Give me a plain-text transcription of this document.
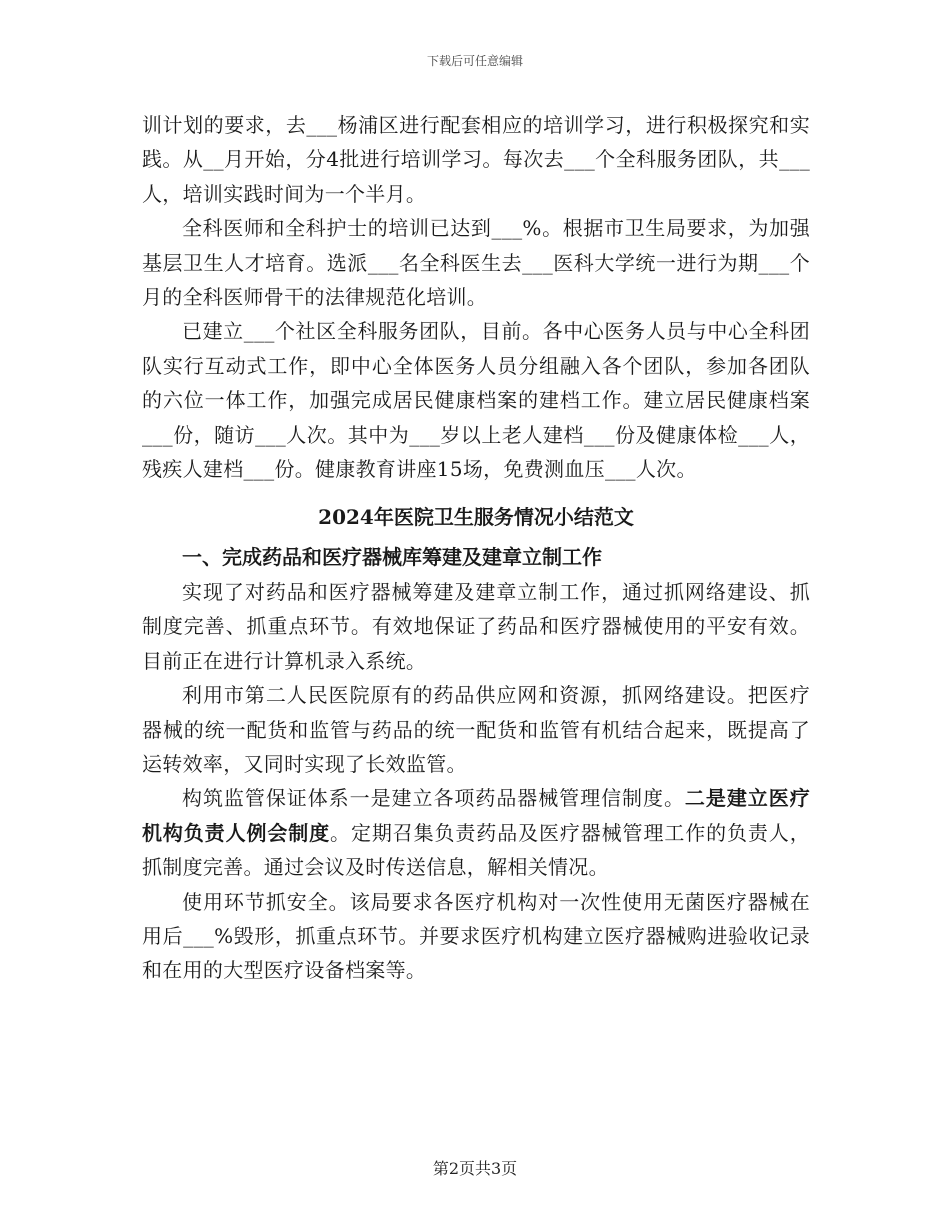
下载后可任意编辑

训计划的要求，去___杨浦区进行配套相应的培训学习，进行积极探究和实践。从__月开始，分4批进行培训学习。每次去___个全科服务团队，共___人，培训实践时间为一个半月。

全科医师和全科护士的培训已达到___%。根据市卫生局要求，为加强基层卫生人才培育。选派___名全科医生去___医科大学统一进行为期___个月的全科医师骨干的法律规范化培训。

已建立___个社区全科服务团队，目前。各中心医务人员与中心全科团队实行互动式工作，即中心全体医务人员分组融入各个团队，参加各团队的六位一体工作，加强完成居民健康档案的建档工作。建立居民健康档案___份，随访___人次。其中为___岁以上老人建档___份及健康体检___人，残疾人建档___份。健康教育讲座15场，免费测血压___人次。

2024年医院卫生服务情况小结范文

一、完成药品和医疗器械库筹建及建章立制工作

实现了对药品和医疗器械筹建及建章立制工作，通过抓网络建设、抓制度完善、抓重点环节。有效地保证了药品和医疗器械使用的平安有效。目前正在进行计算机录入系统。

利用市第二人民医院原有的药品供应网和资源，抓网络建设。把医疗器械的统一配货和监管与药品的统一配货和监管有机结合起来，既提高了运转效率，又同时实现了长效监管。

构筑监管保证体系一是建立各项药品器械管理信制度。二是建立医疗机构负责人例会制度。定期召集负责药品及医疗器械管理工作的负责人，抓制度完善。通过会议及时传送信息，解相关情况。

使用环节抓安全。该局要求各医疗机构对一次性使用无菌医疗器械在用后___%毁形，抓重点环节。并要求医疗机构建立医疗器械购进验收记录和在用的大型医疗设备档案等。

第2页共3页
